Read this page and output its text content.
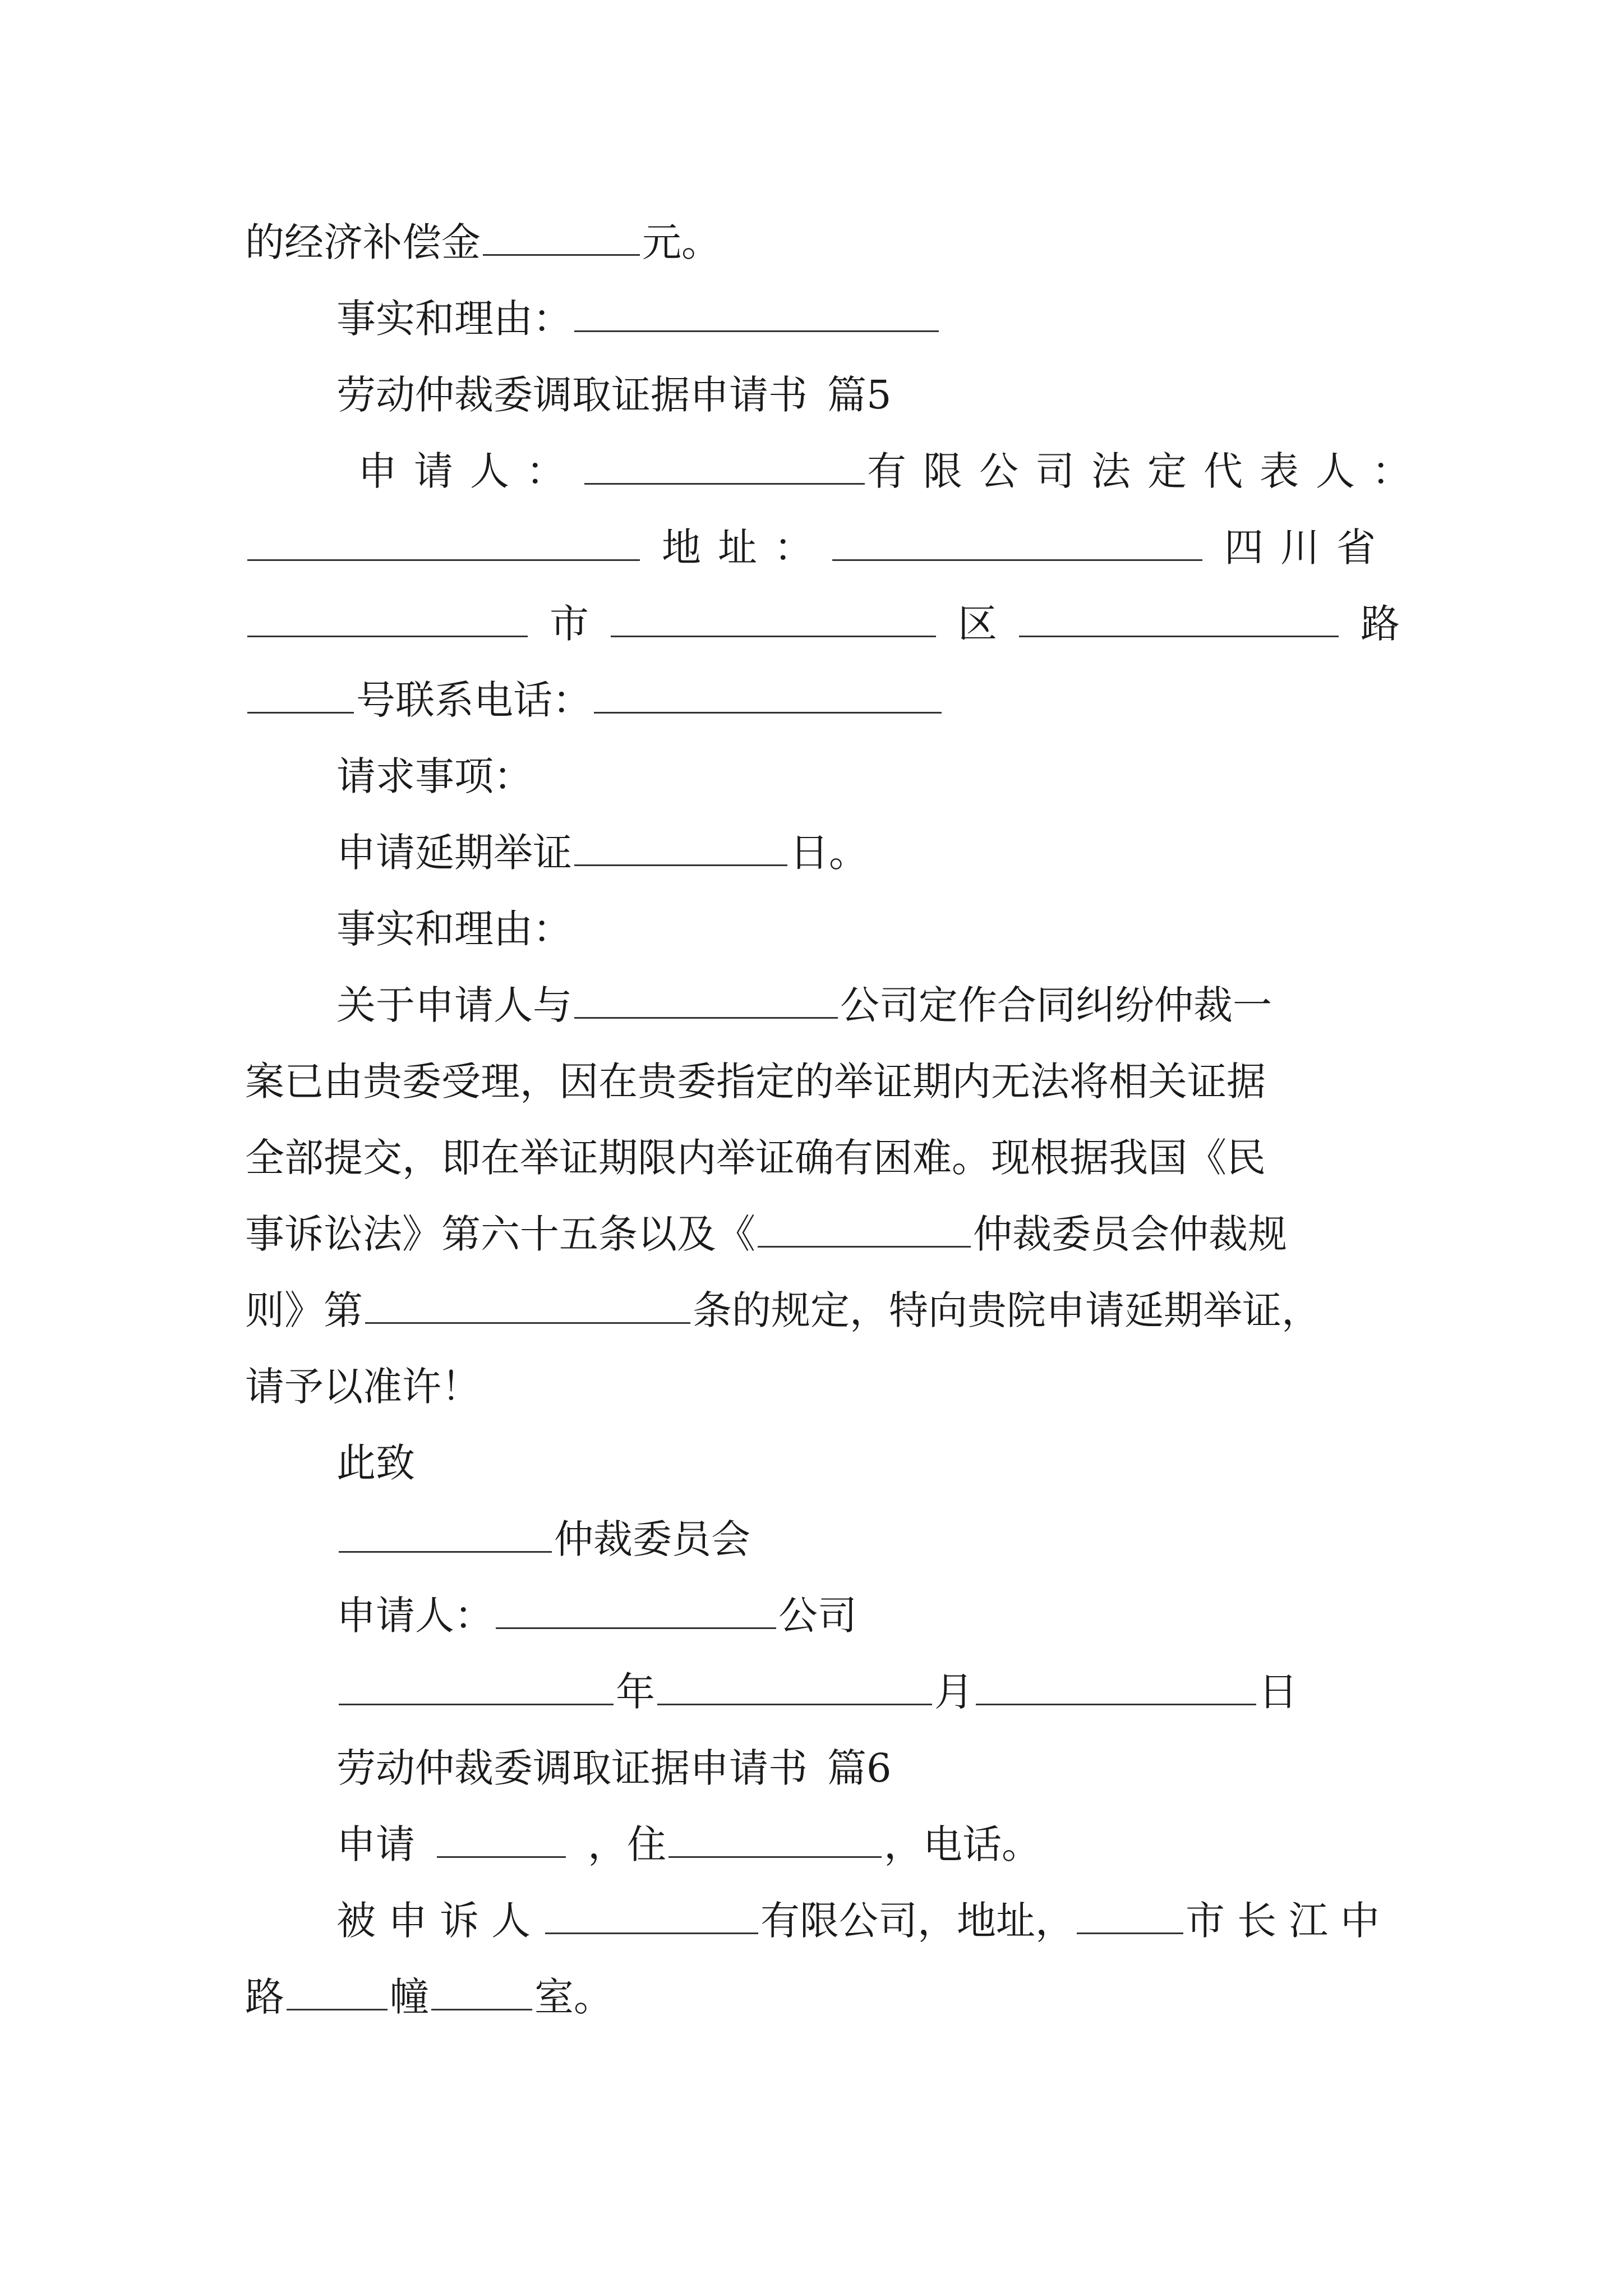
的经济补偿金	元。
事实和理由：
劳动仲裁委调取证据申请书  篇5
申请人：	有限公司法定代表人：
 地址： 	四川省
 市  	区  	路
号联系电话：
请求事项：
申请延期举证	日。
事实和理由：
关于申请人与	公司定作合同纠纷仲裁一
案已由贵委受理，因在贵委指定的举证期内无法将相关证据
全部提交，即在举证期限内举证确有困难。现根据我国《民
事诉讼法》第六十五条以及《	仲裁委员会仲裁规
则》第	条的规定，特向贵院申请延期举证，
请予以准许！
此致
仲裁委员会
申请人：	公司
年	月	日
劳动仲裁委调取证据申请书  篇6
申请  	，住	，电话。
被申诉人	有限公司，地址，	市长江中
路	幢	室。
